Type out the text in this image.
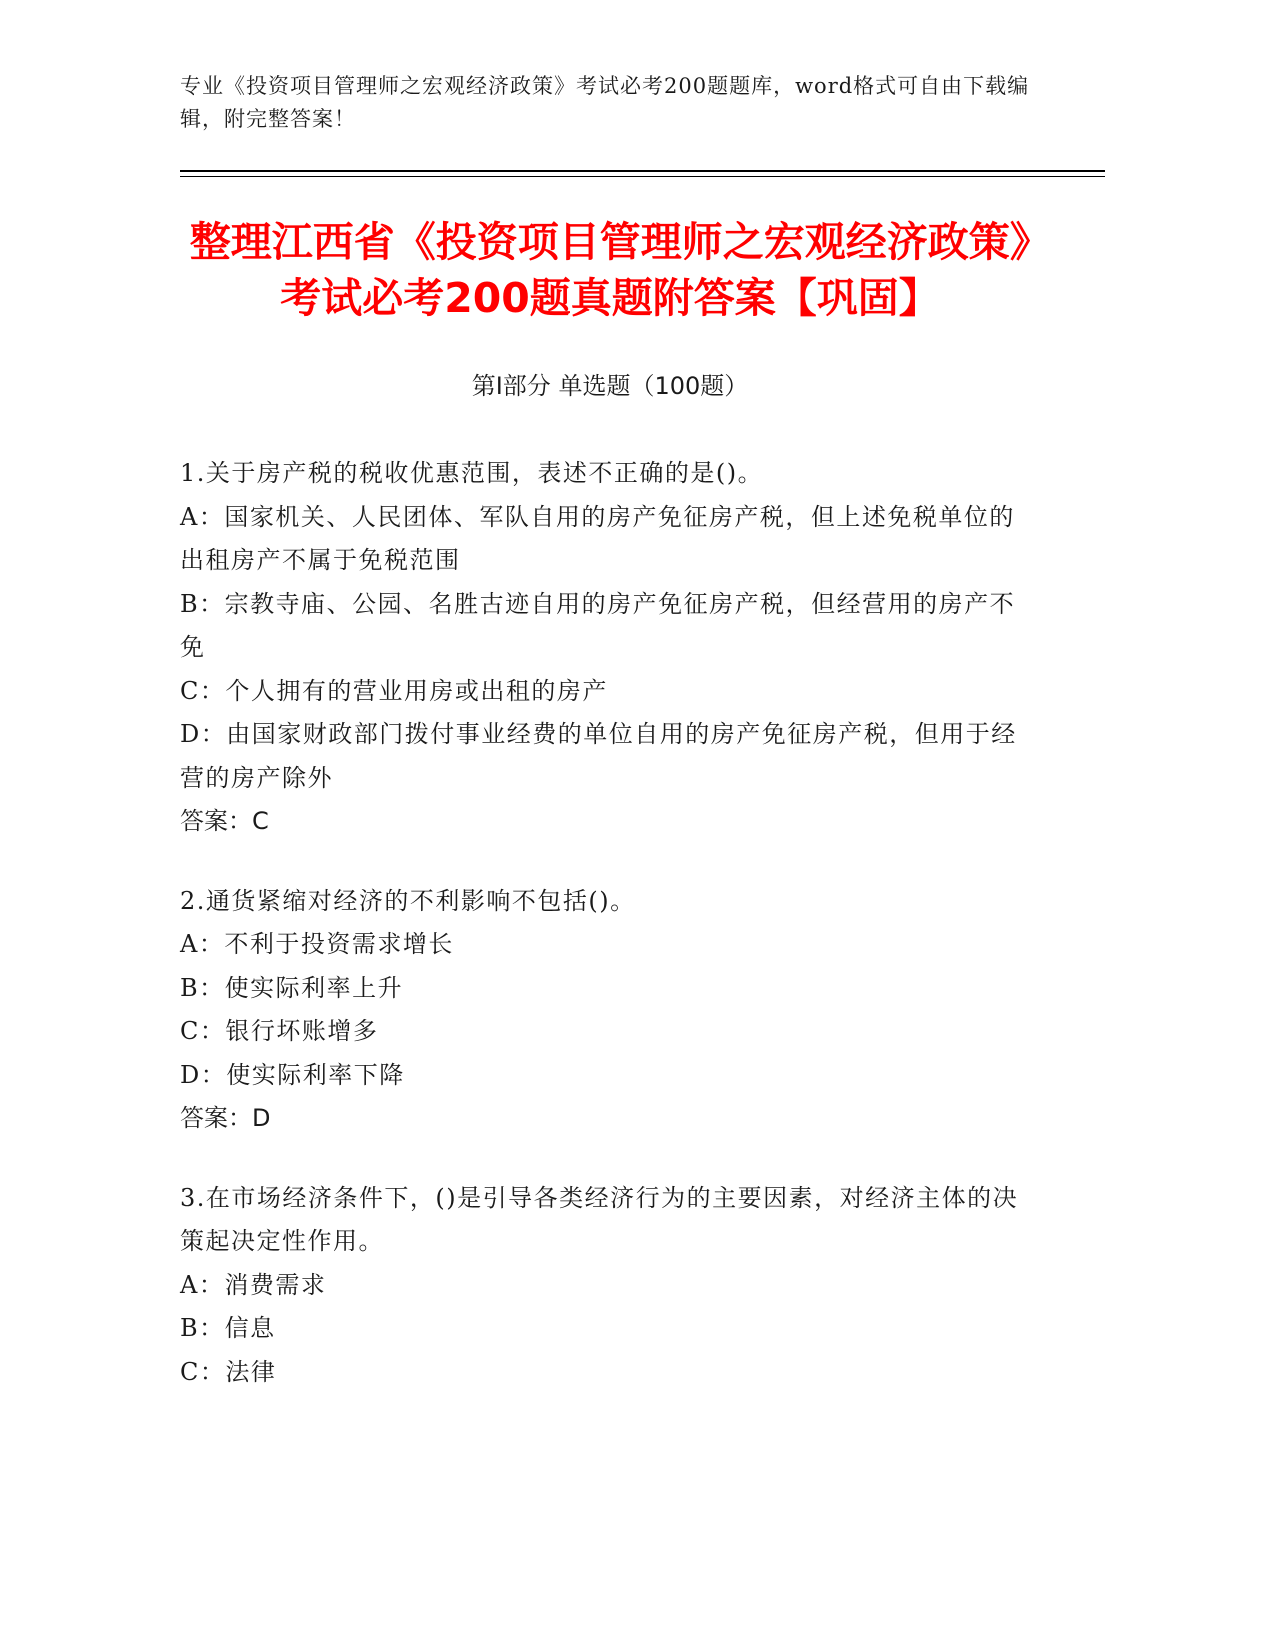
专业《投资项目管理师之宏观经济政策》考试必考200题题库，word格式可自由下载编辑，附完整答案！
整理江西省《投资项目管理师之宏观经济政策》考试必考200题真题附答案【巩固】
第Ⅰ部分 单选题（100题）
1.关于房产税的税收优惠范围，表述不正确的是()。
A：国家机关、人民团体、军队自用的房产免征房产税，但上述免税单位的出租房产不属于免税范围
B：宗教寺庙、公园、名胜古迹自用的房产免征房产税，但经营用的房产不免
C：个人拥有的营业用房或出租的房产
D：由国家财政部门拨付事业经费的单位自用的房产免征房产税，但用于经营的房产除外
答案：C
2.通货紧缩对经济的不利影响不包括()。
A：不利于投资需求增长
B：使实际利率上升
C：银行坏账增多
D：使实际利率下降
答案：D
3.在市场经济条件下，()是引导各类经济行为的主要因素，对经济主体的决策起决定性作用。
A：消费需求
B：信息
C：法律
